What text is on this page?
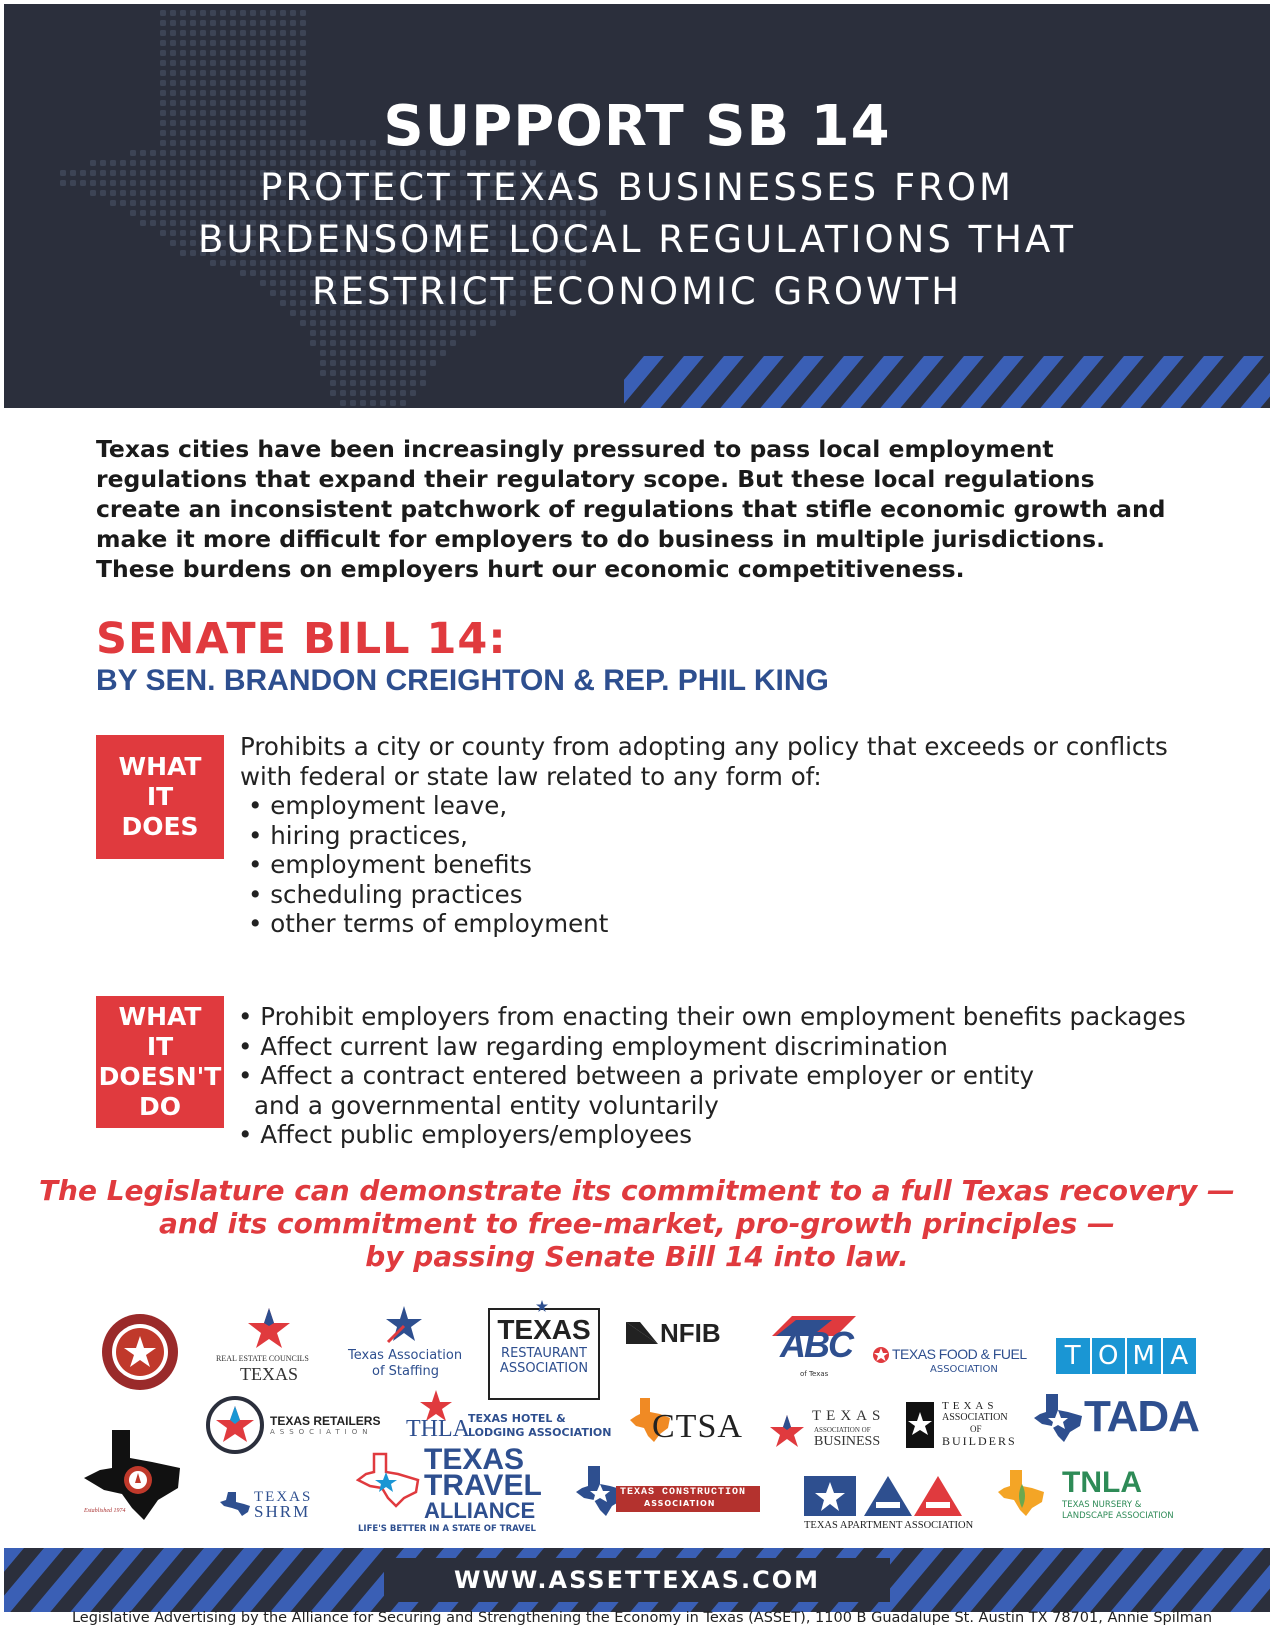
SUPPORT SB 14
PROTECT TEXAS BUSINESSES FROM
BURDENSOME LOCAL REGULATIONS THAT
RESTRICT ECONOMIC GROWTH
Texas cities have been increasingly pressured to pass local employment regulations that expand their regulatory scope. But these local regulations create an inconsistent patchwork of regulations that stifle economic growth and make it more difficult for employers to do business in multiple jurisdictions. These burdens on employers hurt our economic competitiveness.
SENATE BILL 14:
BY SEN. BRANDON CREIGHTON & REP. PHIL KING
WHAT
IT
DOES
Prohibits a city or county from adopting any policy that exceeds or conflicts
with federal or state law related to any form of:
• employment leave,
• hiring practices,
• employment benefits
• scheduling practices
• other terms of employment
WHAT
IT
DOESN'T
DO
• Prohibit employers from enacting their own employment benefits packages
• Affect current law regarding employment discrimination
• Affect a contract entered between a private employer or entity and a governmental entity voluntarily
• Affect public employers/employees
The Legislature can demonstrate its commitment to a full Texas recovery —
and its commitment to free-market, pro-growth principles —
by passing Senate Bill 14 into law.
REAL ESTATE COUNCILS
TEXAS
Texas Association
of Staffing
TEXAS
RESTAURANT
ASSOCIATION
NFIB ABC
of Texas
TEXAS FOOD & FUEL
ASSOCIATION	T O M A
Established 1974
TEXAS RETAILERS
ASSOCIATION THLA
TEXAS HOTEL &
LODGING ASSOCIATION CTSA	TEXAS
ASSOCIATION OF
BUSINESS
TEXAS
ASSOCIATION
OF
BUILDERS TADA
TEXAS
SHRM
TEXAS
TRAVEL
ALLIANCE
LIFE'S BETTER IN A STATE OF TRAVEL
TEXAS CONSTRUCTION
ASSOCIATION
TEXAS APARTMENT ASSOCIATION
TNLA
TEXAS NURSERY &
LANDSCAPE ASSOCIATION
WWW.ASSETTEXAS.COM
Legislative Advertising by the Alliance for Securing and Strengthening the Economy in Texas (ASSET), 1100 B Guadalupe St. Austin TX 78701, Annie Spilman
